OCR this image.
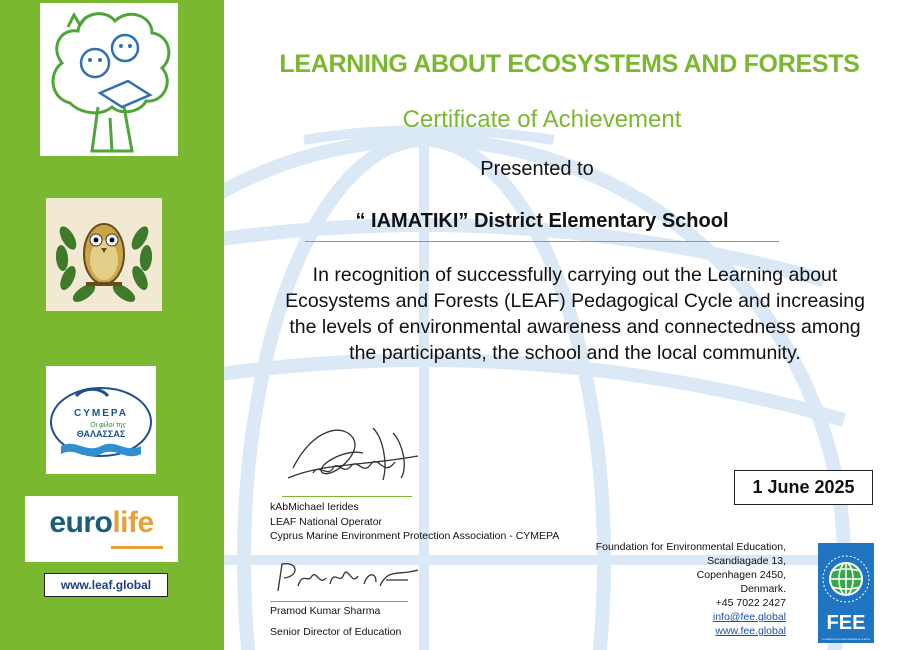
CYMEPA
Οι φίλοι της
ΘΑΛΑΣΣΑΣ
eurolife
www.leaf.global
LEARNING ABOUT ECOSYSTEMS AND FORESTS
Certificate of Achievement
Presented to
“ IAMATIKI” District Elementary School
In recognition of successfully carrying out the Learning about Ecosystems and Forests (LEAF) Pedagogical Cycle and increasing the levels of environmental awareness and connectedness among the participants, the school and the local community.
kAbMichael Ierides
LEAF National Operator
Cyprus Marine Environment Protection Association - CYMEPA
Pramod Kumar Sharma
Senior Director of Education
1 June 2025
Foundation for Environmental Education,
Scandiagade 13,
Copenhagen 2450,
Denmark.
+45 7022 2427
info@fee.global
www.fee.global FEE
FOUNDATION FOR ENVIRONMENTAL EDUCATION
